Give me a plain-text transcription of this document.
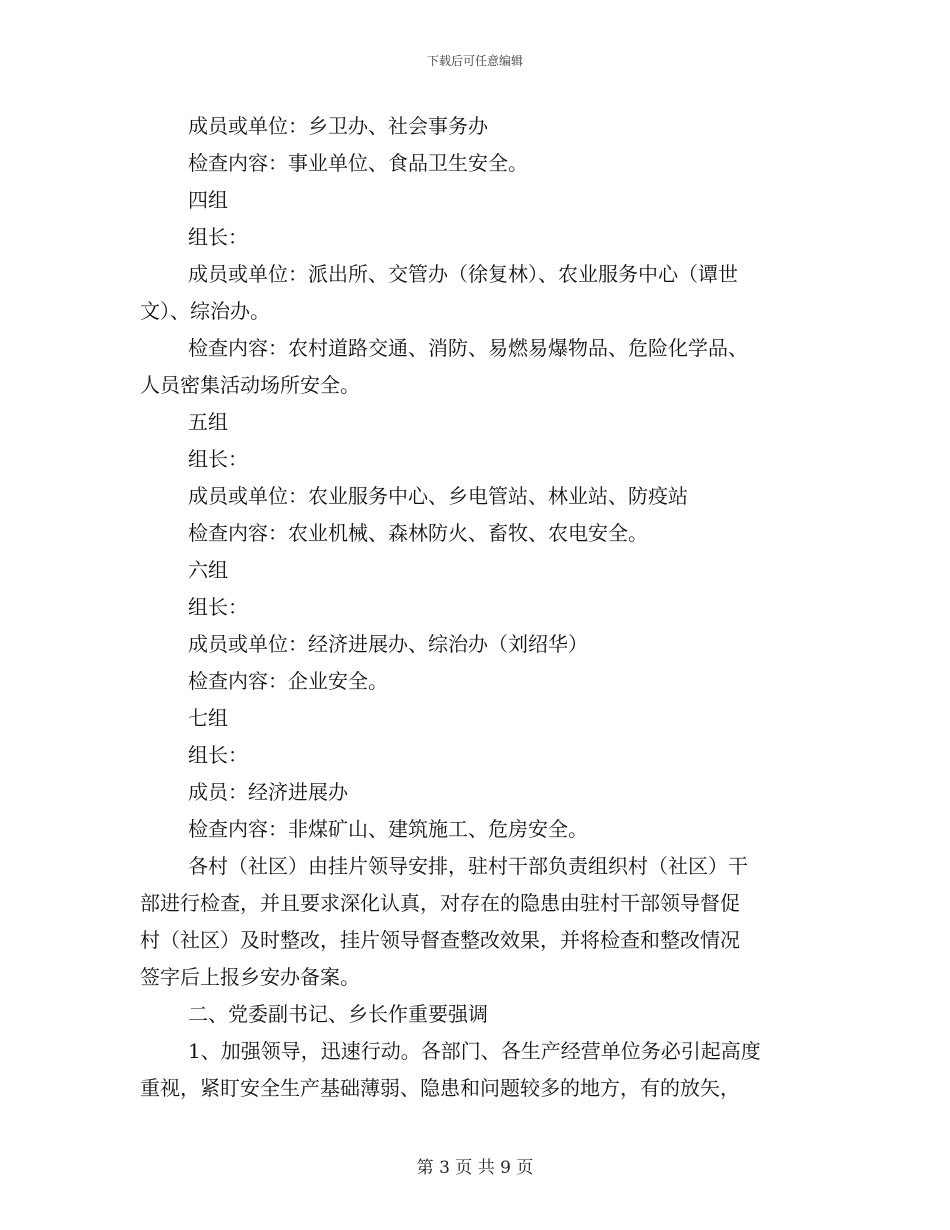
下载后可任意编辑
成员或单位：乡卫办、社会事务办
检查内容：事业单位、食品卫生安全。
四组
组长：
成员或单位：派出所、交管办（徐复林）、农业服务中心（谭世
文）、综治办。
检查内容：农村道路交通、消防、易燃易爆物品、危险化学品、
人员密集活动场所安全。
五组
组长：
成员或单位：农业服务中心、乡电管站、林业站、防疫站
检查内容：农业机械、森林防火、畜牧、农电安全。
六组
组长：
成员或单位：经济进展办、综治办（刘绍华）
检查内容：企业安全。
七组
组长：
成员：经济进展办
检查内容：非煤矿山、建筑施工、危房安全。
各村（社区）由挂片领导安排，驻村干部负责组织村（社区）干
部进行检查，并且要求深化认真，对存在的隐患由驻村干部领导督促
村（社区）及时整改，挂片领导督查整改效果，并将检查和整改情况
签字后上报乡安办备案。
二、党委副书记、乡长作重要强调
1、加强领导，迅速行动。各部门、各生产经营单位务必引起高度
重视，紧盯安全生产基础薄弱、隐患和问题较多的地方，有的放矢，
第 3 页 共 9 页
